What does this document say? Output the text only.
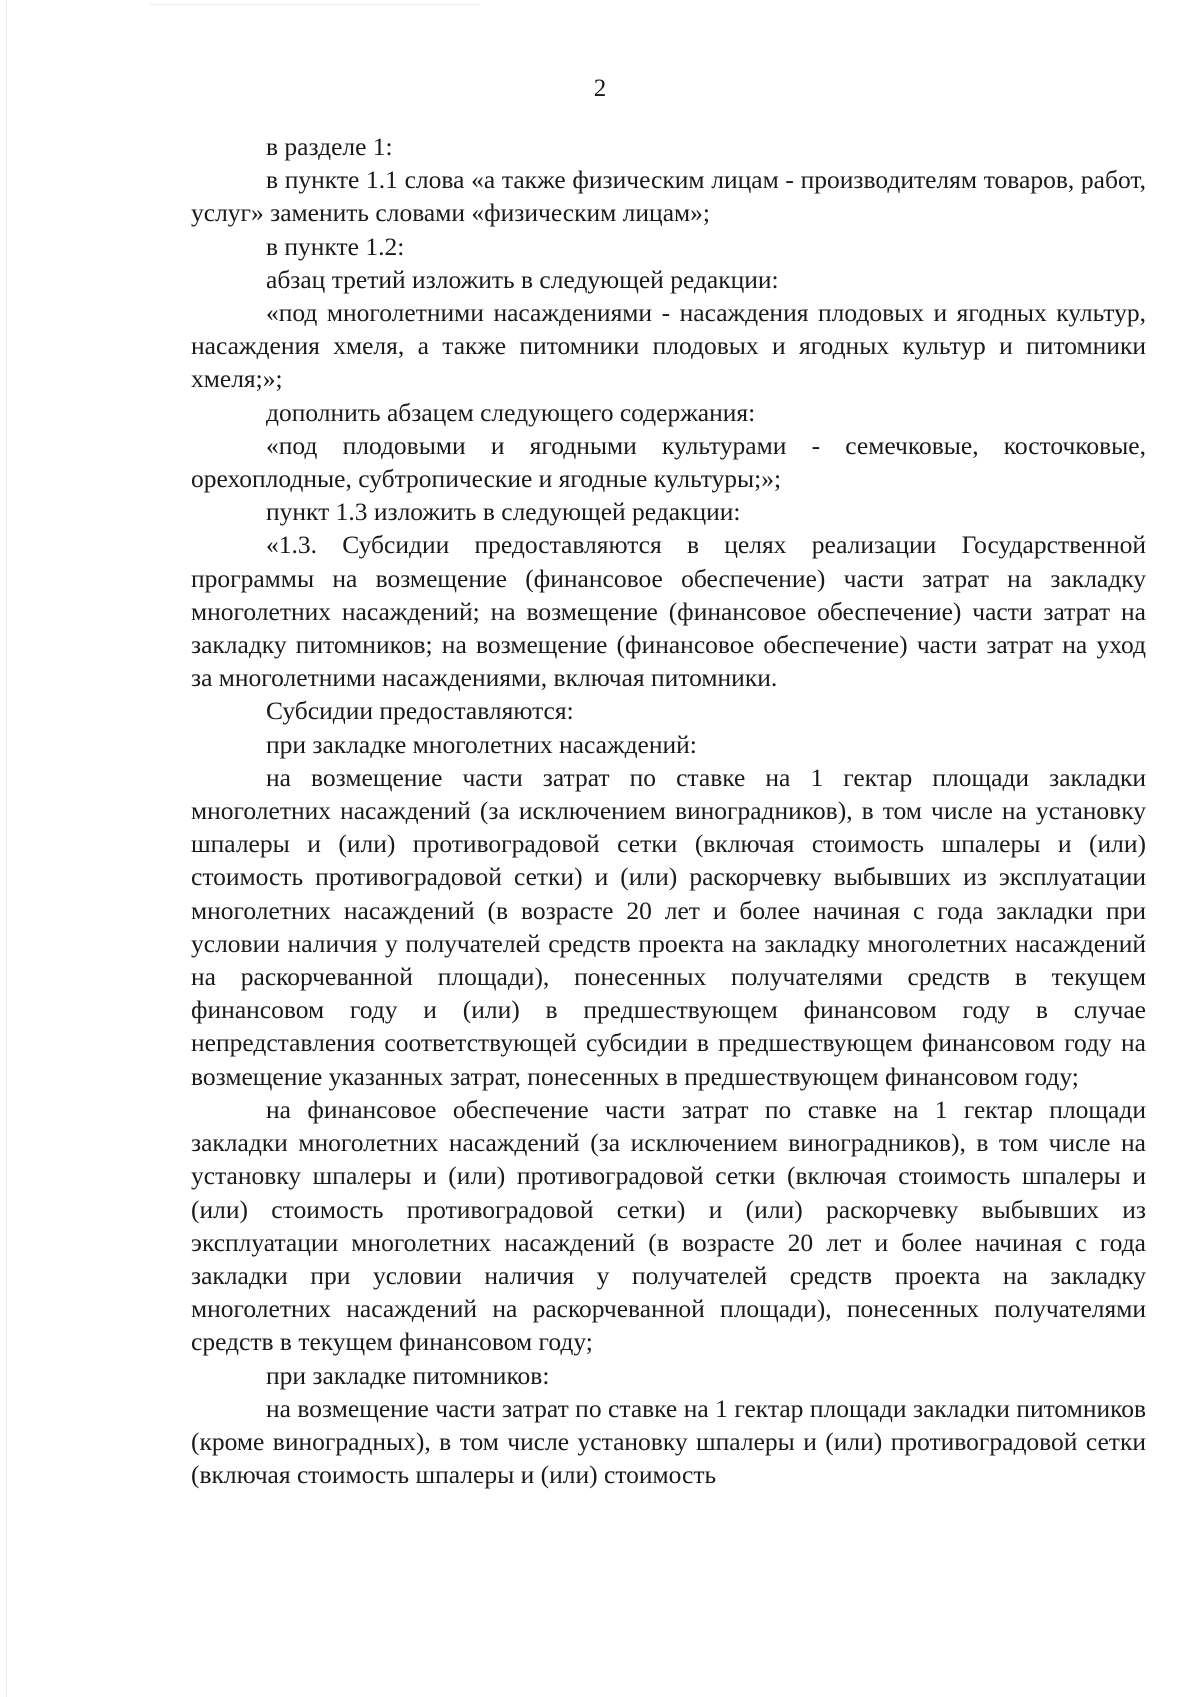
2

в разделе 1:

в пункте 1.1 слова «а также физическим лицам - производителям товаров, работ, услуг» заменить словами «физическим лицам»;

в пункте 1.2:

абзац третий изложить в следующей редакции:

«под многолетними насаждениями - насаждения плодовых и ягодных культур, насаждения хмеля, а также питомники плодовых и ягодных культур и питомники хмеля;»;

дополнить абзацем следующего содержания:

«под плодовыми и ягодными культурами - семечковые, косточковые, орехоплодные, субтропические и ягодные культуры;»;

пункт 1.3 изложить в следующей редакции:

«1.3. Субсидии предоставляются в целях реализации Государственной программы на возмещение (финансовое обеспечение) части затрат на закладку многолетних насаждений; на возмещение (финансовое обеспечение) части затрат на закладку питомников; на возмещение (финансовое обеспечение) части затрат на уход за многолетними насаждениями, включая питомники.

Субсидии предоставляются:

при закладке многолетних насаждений:

на возмещение части затрат по ставке на 1 гектар площади закладки многолетних насаждений (за исключением виноградников), в том числе на установку шпалеры и (или) противоградовой сетки (включая стоимость шпалеры и (или) стоимость противоградовой сетки) и (или) раскорчевку выбывших из эксплуатации многолетних насаждений (в возрасте 20 лет и более начиная с года закладки при условии наличия у получателей средств проекта на закладку многолетних насаждений на раскорчеванной площади), понесенных получателями средств в текущем финансовом году и (или) в предшествующем финансовом году в случае непредставления соответствующей субсидии в предшествующем финансовом году на возмещение указанных затрат, понесенных в предшествующем финансовом году;

на финансовое обеспечение части затрат по ставке на 1 гектар площади закладки многолетних насаждений (за исключением виноградников), в том числе на установку шпалеры и (или) противоградовой сетки (включая стоимость шпалеры и (или) стоимость противоградовой сетки) и (или) раскорчевку выбывших из эксплуатации многолетних насаждений (в возрасте 20 лет и более начиная с года закладки при условии наличия у получателей средств проекта на закладку многолетних насаждений на раскорчеванной площади), понесенных получателями средств в текущем финансовом году;

при закладке питомников:

на возмещение части затрат по ставке на 1 гектар площади закладки питомников (кроме виноградных), в том числе установку шпалеры и (или) противоградовой сетки (включая стоимость шпалеры и (или) стоимость
